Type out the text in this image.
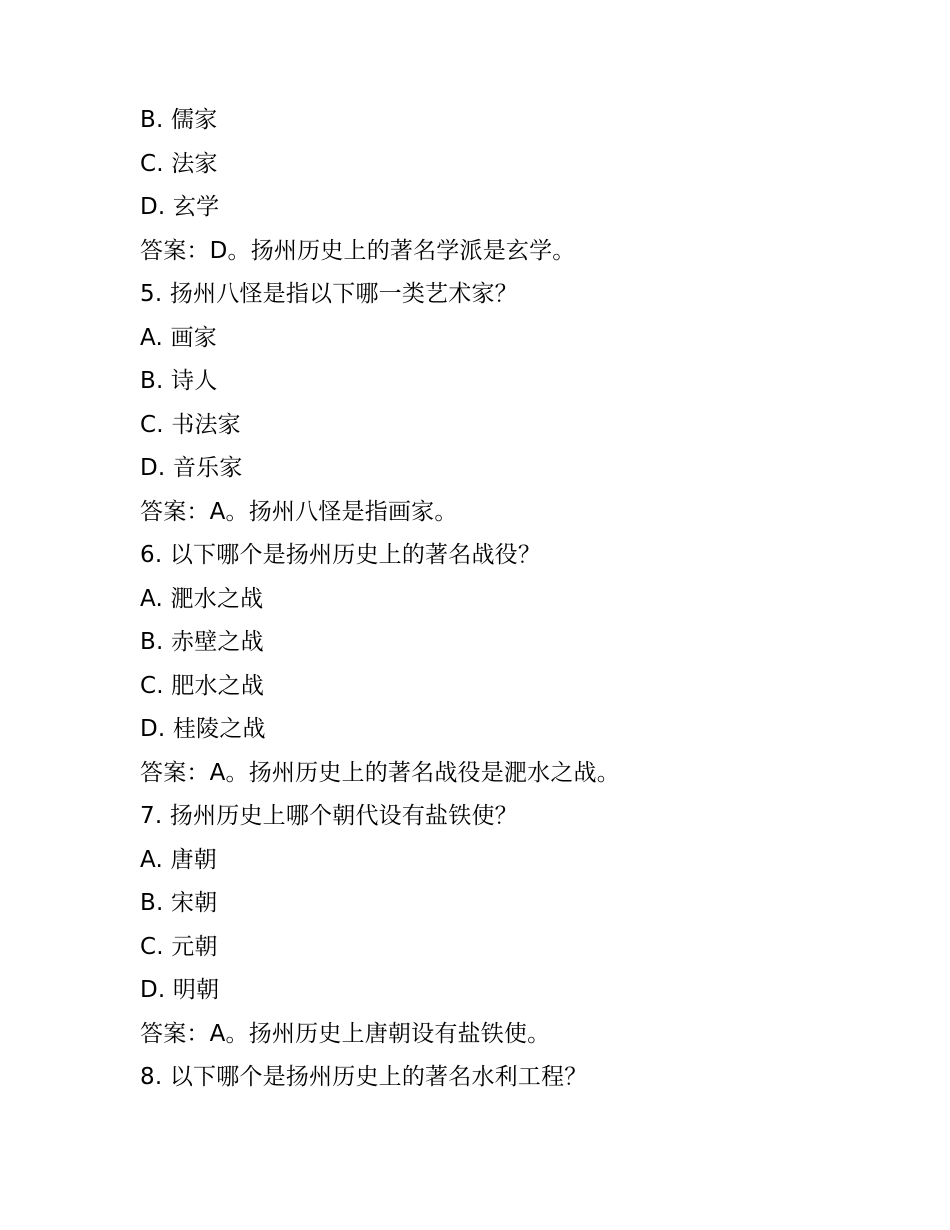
B. 儒家
C. 法家
D. 玄学
答案：D。扬州历史上的著名学派是玄学。
5. 扬州八怪是指以下哪一类艺术家？
A. 画家
B. 诗人
C. 书法家
D. 音乐家
答案：A。扬州八怪是指画家。
6. 以下哪个是扬州历史上的著名战役？
A. 淝水之战
B. 赤壁之战
C. 肥水之战
D. 桂陵之战
答案：A。扬州历史上的著名战役是淝水之战。
7. 扬州历史上哪个朝代设有盐铁使？
A. 唐朝
B. 宋朝
C. 元朝
D. 明朝
答案：A。扬州历史上唐朝设有盐铁使。
8. 以下哪个是扬州历史上的著名水利工程？
